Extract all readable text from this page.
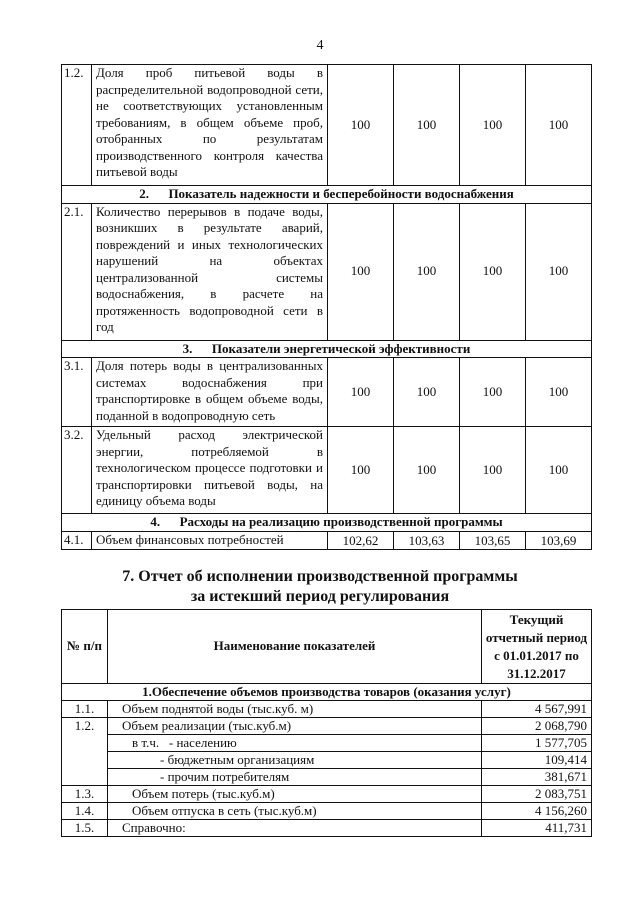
4
1.2.	Доля проб питьевой воды в распределительной водопроводной сети, не соответствующих установленным требованиям, в общем объеме проб, отобранных по результатам производственного контроля качества питьевой воды	100	100	100	100
2.      Показатель надежности и бесперебойности водоснабжения					
2.1.	Количество перерывов в подаче воды, возникших в результате аварий, повреждений и иных технологических нарушений на объектах централизованной системы водоснабжения, в расчете на протяженность водопроводной сети в год	100	100	100	100
3.      Показатели энергетической эффективности					
3.1.	Доля потерь воды в централизованных системах водоснабжения при транспортировке в общем объеме воды, поданной в водопроводную сеть	100	100	100	100
3.2.	Удельный расход электрической энергии, потребляемой в технологическом процессе подготовки и транспортировки питьевой воды, на единицу объема воды	100	100	100	100
4.      Расходы на реализацию производственной программы					
4.1.	Объем финансовых потребностей	102,62	103,63	103,65	103,69
7. Отчет об исполнении производственной программы
за истекший период регулирования
№ п/п	Наименование показателей	Текущий отчетный период с 01.01.2017 по 31.12.2017
1.Обеспечение объемов производства товаров (оказания услуг)		
1.1.	Объем поднятой воды (тыс.куб. м)	4 567,991
1.2.	Объем реализации (тыс.куб.м)	2 068,790
	в т.ч.   - населению	1 577,705
	- бюджетным организациям	109,414
	- прочим потребителям	381,671
1.3.	Объем потерь (тыс.куб.м)	2 083,751
1.4.	Объем отпуска в сеть (тыс.куб.м)	4 156,260
1.5.	Справочно:	411,731
